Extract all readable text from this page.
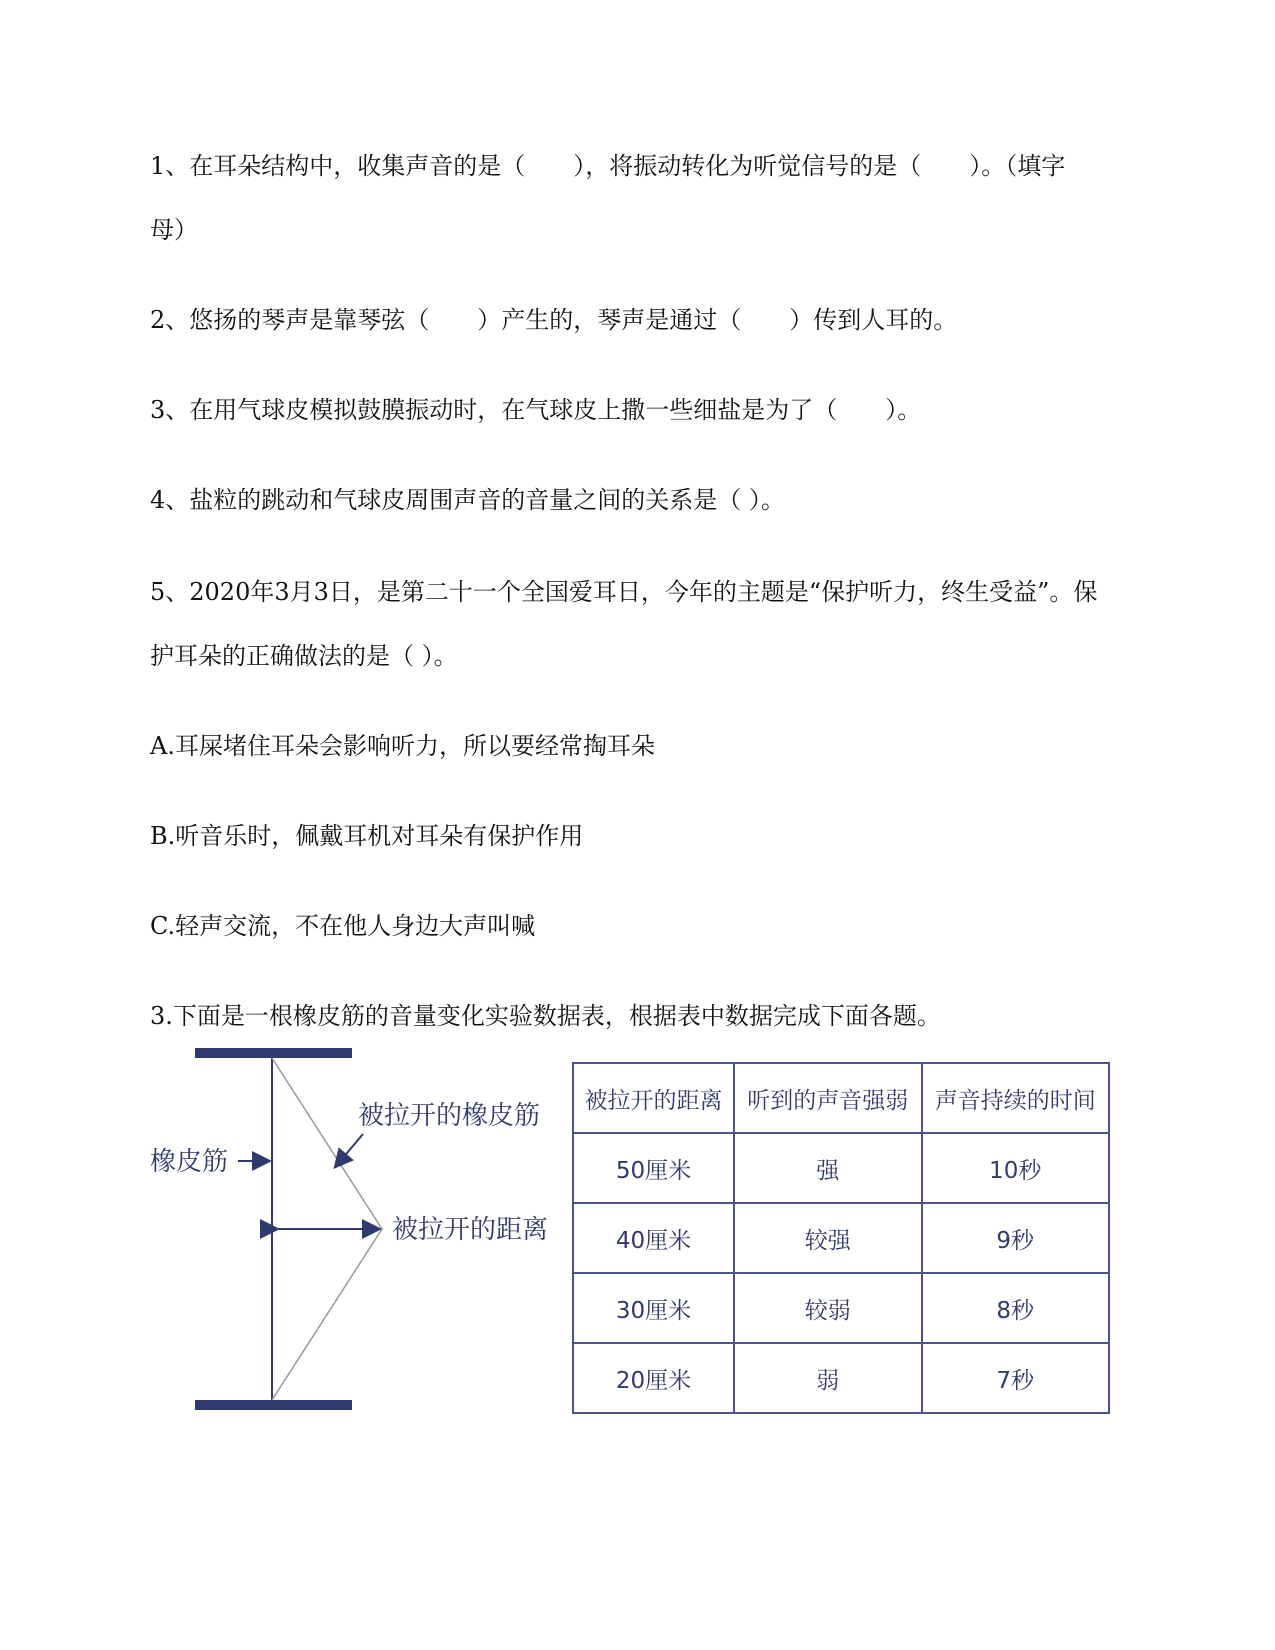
1、在耳朵结构中，收集声音的是（　　），将振动转化为听觉信号的是（　　）。（填字
母）
2、悠扬的琴声是靠琴弦（　　）产生的，琴声是通过（　　）传到人耳的。
3、在用气球皮模拟鼓膜振动时，在气球皮上撒一些细盐是为了（　　）。
4、盐粒的跳动和气球皮周围声音的音量之间的关系是（ ）。
5、2020年3月3日，是第二十一个全国爱耳日，今年的主题是“保护听力，终生受益”。保
护耳朵的正确做法的是（ ）。
A.耳屎堵住耳朵会影响听力，所以要经常掏耳朵
B.听音乐时，佩戴耳机对耳朵有保护作用
C.轻声交流，不在他人身边大声叫喊
3.下面是一根橡皮筋的音量变化实验数据表，根据表中数据完成下面各题。
被拉开的橡皮筋
橡皮筋
被拉开的距离
被拉开的距离	听到的声音强弱	声音持续的时间
50厘米	强	10秒
40厘米	较强	9秒
30厘米	较弱	8秒
20厘米	弱	7秒
